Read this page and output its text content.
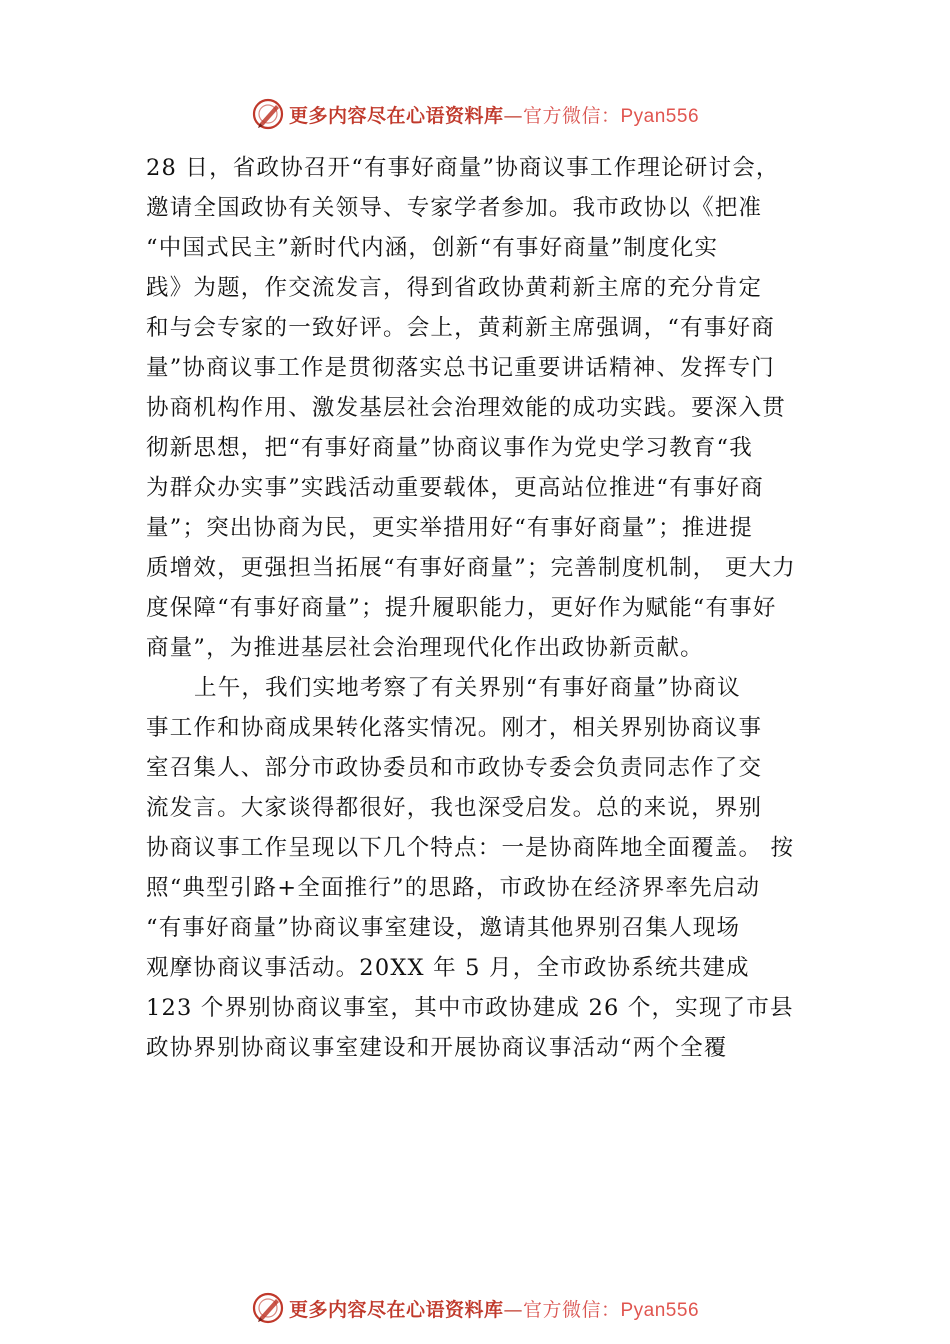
更多内容尽在心语资料库—官方微信：Pyan556
28 日，省政协召开“有事好商量”协商议事工作理论研讨会，
邀请全国政协有关领导、专家学者参加。我市政协以《把准
“中国式民主”新时代内涵，创新“有事好商量”制度化实
践》为题，作交流发言，得到省政协黄莉新主席的充分肯定
和与会专家的一致好评。会上，黄莉新主席强调，“有事好商
量”协商议事工作是贯彻落实总书记重要讲话精神、发挥专门
协商机构作用、激发基层社会治理效能的成功实践。要深入贯
彻新思想，把“有事好商量”协商议事作为党史学习教育“我
为群众办实事”实践活动重要载体，更高站位推进“有事好商
量”；突出协商为民，更实举措用好“有事好商量”；推进提
质增效，更强担当拓展“有事好商量”；完善制度机制， 更大力
度保障“有事好商量”；提升履职能力，更好作为赋能“有事好
商量”，为推进基层社会治理现代化作出政协新贡献。
上午，我们实地考察了有关界别“有事好商量”协商议
事工作和协商成果转化落实情况。刚才，相关界别协商议事
室召集人、部分市政协委员和市政协专委会负责同志作了交
流发言。大家谈得都很好，我也深受启发。总的来说，界别
协商议事工作呈现以下几个特点：一是协商阵地全面覆盖。 按
照“典型引路+全面推行”的思路，市政协在经济界率先启动
“有事好商量”协商议事室建设，邀请其他界别召集人现场
观摩协商议事活动。20XX 年 5 月，全市政协系统共建成
123 个界别协商议事室，其中市政协建成 26 个，实现了市县
政协界别协商议事室建设和开展协商议事活动“两个全覆
更多内容尽在心语资料库—官方微信：Pyan556
